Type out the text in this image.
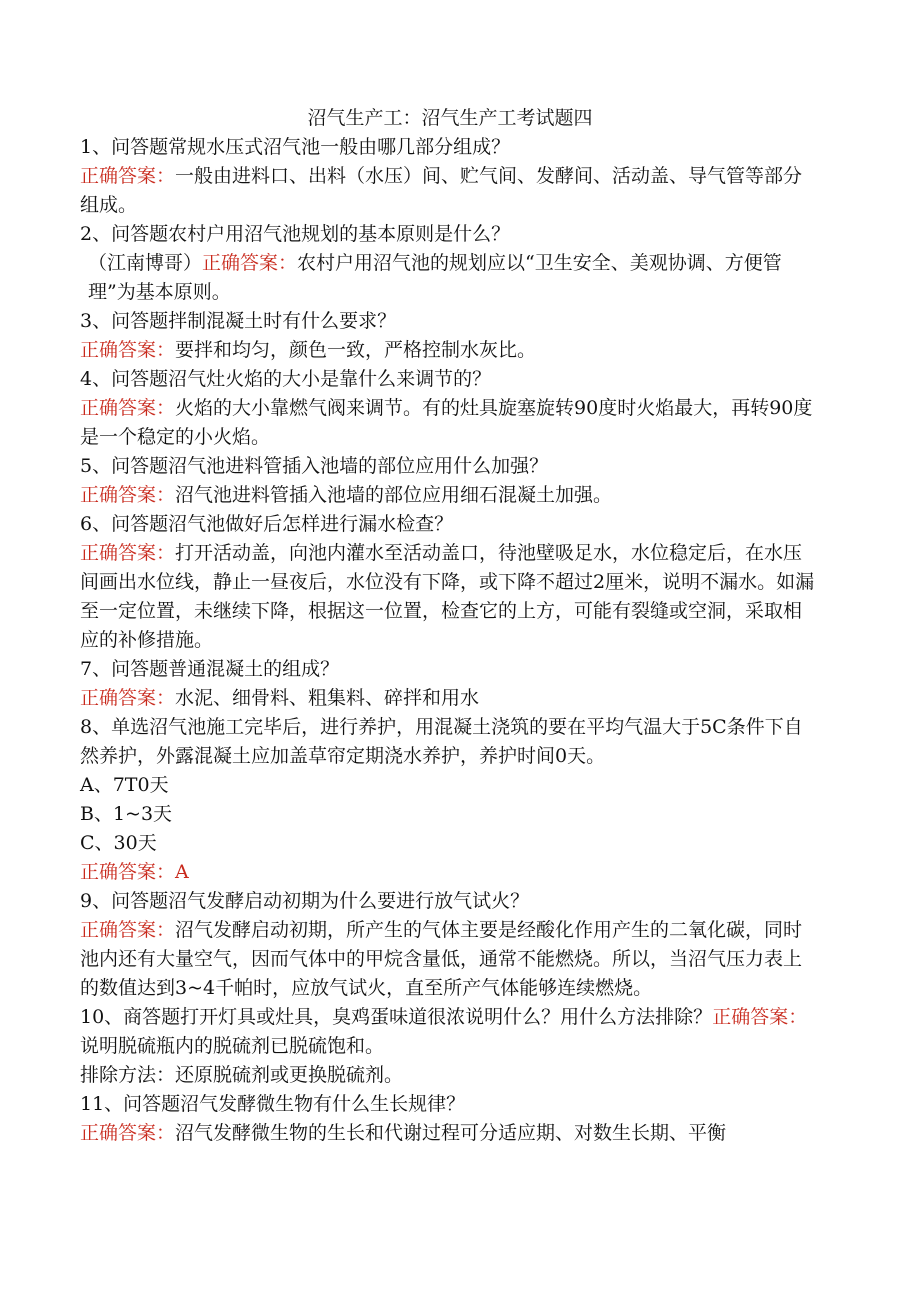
沼气生产工：沼气生产工考试题四

1、问答题常规水压式沼气池一般由哪几部分组成？

正确答案：一般由进料口、出料（水压）间、贮气间、发酵间、活动盖、导气管等部分组成。

2、问答题农村户用沼气池规划的基本原则是什么？

（江南博哥）正确答案：农村户用沼气池的规划应以“卫生安全、美观协调、方便管理”为基本原则。

3、问答题拌制混凝土时有什么要求？

正确答案：要拌和均匀，颜色一致，严格控制水灰比。

4、问答题沼气灶火焰的大小是靠什么来调节的？

正确答案：火焰的大小靠燃气阀来调节。有的灶具旋塞旋转90度时火焰最大，再转90度是一个稳定的小火焰。

5、问答题沼气池进料管插入池墙的部位应用什么加强？

正确答案：沼气池进料管插入池墙的部位应用细石混凝土加强。

6、问答题沼气池做好后怎样进行漏水检查？

正确答案：打开活动盖，向池内灌水至活动盖口，待池壁吸足水，水位稳定后，在水压间画出水位线，静止一昼夜后，水位没有下降，或下降不超过2厘米，说明不漏水。如漏至一定位置，未继续下降，根据这一位置，检查它的上方，可能有裂缝或空洞，采取相应的补修措施。

7、问答题普通混凝土的组成？

正确答案：水泥、细骨料、粗集料、碎拌和用水

8、单选沼气池施工完毕后，进行养护，用混凝土浇筑的要在平均气温大于5C条件下自然养护，外露混凝土应加盖草帘定期浇水养护，养护时间0天。

A、7T0天

B、1~3天

C、30天

正确答案：A

9、问答题沼气发酵启动初期为什么要进行放气试火？

正确答案：沼气发酵启动初期，所产生的气体主要是经酸化作用产生的二氧化碳，同时池内还有大量空气，因而气体中的甲烷含量低，通常不能燃烧。所以，当沼气压力表上的数值达到3~4千帕时，应放气试火，直至所产气体能够连续燃烧。

10、商答题打开灯具或灶具，臭鸡蛋味道很浓说明什么？用什么方法排除？正确答案：说明脱硫瓶内的脱硫剂已脱硫饱和。

排除方法：还原脱硫剂或更换脱硫剂。

11、问答题沼气发酵微生物有什么生长规律？

正确答案：沼气发酵微生物的生长和代谢过程可分适应期、对数生长期、平衡
